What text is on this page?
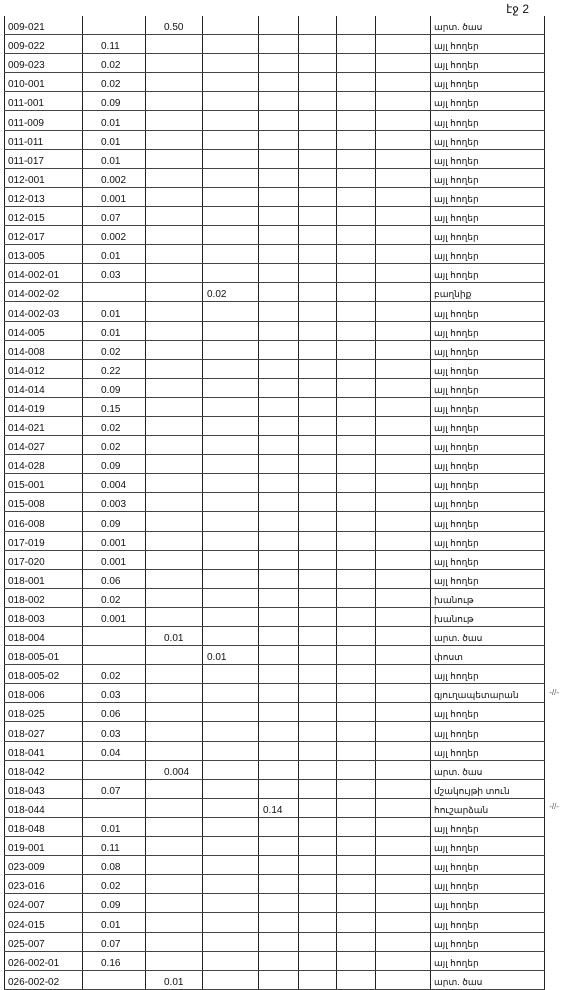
էջ 2
009-021		0.50						արտ. ծաս
009-022	0.11							այլ հողեր
009-023	0.02							այլ հողեր
010-001	0.02							այլ հողեր
011-001	0.09							այլ հողեր
011-009	0.01							այլ հողեր
011-011	0.01							այլ հողեր
011-017	0.01							այլ հողեր
012-001	0.002							այլ հողեր
012-013	0.001							այլ հողեր
012-015	0.07							այլ հողեր
012-017	0.002							այլ հողեր
013-005	0.01							այլ հողեր
014-002-01	0.03							այլ հողեր
014-002-02			0.02					բաղնիք
014-002-03	0.01							այլ հողեր
014-005	0.01							այլ հողեր
014-008	0.02							այլ հողեր
014-012	0.22							այլ հողեր
014-014	0.09							այլ հողեր
014-019	0.15							այլ հողեր
014-021	0.02							այլ հողեր
014-027	0.02							այլ հողեր
014-028	0.09							այլ հողեր
015-001	0.004							այլ հողեր
015-008	0.003							այլ հողեր
016-008	0.09							այլ հողեր
017-019	0.001							այլ հողեր
017-020	0.001							այլ հողեր
018-001	0.06							այլ հողեր
018-002	0.02							խանութ
018-003	0.001							խանութ
018-004		0.01						արտ. ծաս
018-005-01			0.01					փոստ
018-005-02	0.02							այլ հողեր
018-006	0.03							գյուղապետարան
018-025	0.06							այլ հողեր
018-027	0.03							այլ հողեր
018-041	0.04							այլ հողեր
018-042		0.004						արտ. ծաս
018-043	0.07							մշակույթի տուն
018-044				0.14				հուշարձան
018-048	0.01							այլ հողեր
019-001	0.11							այլ հողեր
023-009	0.08							այլ հողեր
023-016	0.02							այլ հողեր
024-007	0.09							այլ հողեր
024-015	0.01							այլ հողեր
025-007	0.07							այլ հողեր
026-002-01	0.16							այլ հողեր
026-002-02		0.01						արտ. ծաս
-//-
-//-
